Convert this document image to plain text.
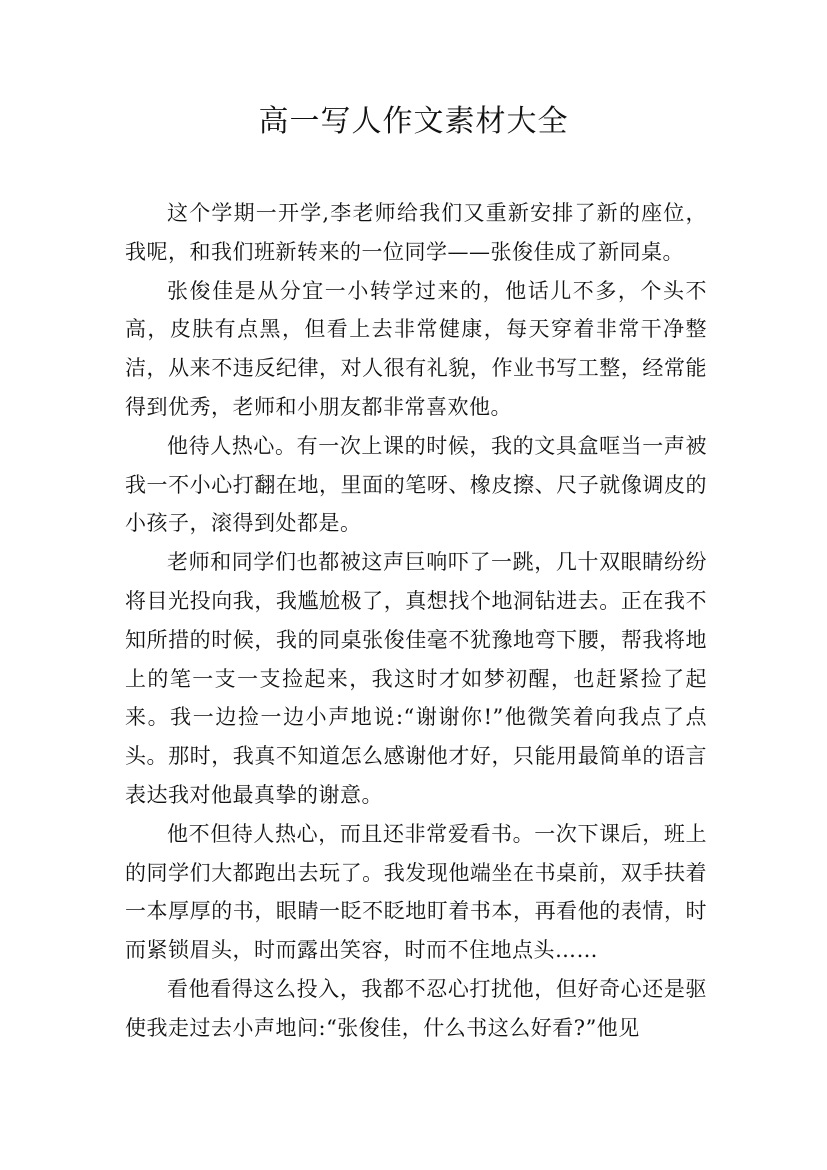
高一写人作文素材大全

这个学期一开学,李老师给我们又重新安排了新的座位，我呢，和我们班新转来的一位同学——张俊佳成了新同桌。

张俊佳是从分宜一小转学过来的，他话儿不多，个头不高，皮肤有点黑，但看上去非常健康，每天穿着非常干净整洁，从来不违反纪律，对人很有礼貌，作业书写工整，经常能得到优秀，老师和小朋友都非常喜欢他。

他待人热心。有一次上课的时候，我的文具盒哐当一声被我一不小心打翻在地，里面的笔呀、橡皮擦、尺子就像调皮的小孩子，滚得到处都是。

老师和同学们也都被这声巨响吓了一跳，几十双眼睛纷纷将目光投向我，我尴尬极了，真想找个地洞钻进去。正在我不知所措的时候，我的同桌张俊佳毫不犹豫地弯下腰，帮我将地上的笔一支一支捡起来，我这时才如梦初醒，也赶紧捡了起来。我一边捡一边小声地说:“谢谢你!”他微笑着向我点了点头。那时，我真不知道怎么感谢他才好，只能用最简单的语言表达我对他最真挚的谢意。

他不但待人热心，而且还非常爱看书。一次下课后，班上的同学们大都跑出去玩了。我发现他端坐在书桌前，双手扶着一本厚厚的书，眼睛一眨不眨地盯着书本，再看他的表情，时而紧锁眉头，时而露出笑容，时而不住地点头……

看他看得这么投入，我都不忍心打扰他，但好奇心还是驱使我走过去小声地问:“张俊佳，什么书这么好看?”他见
